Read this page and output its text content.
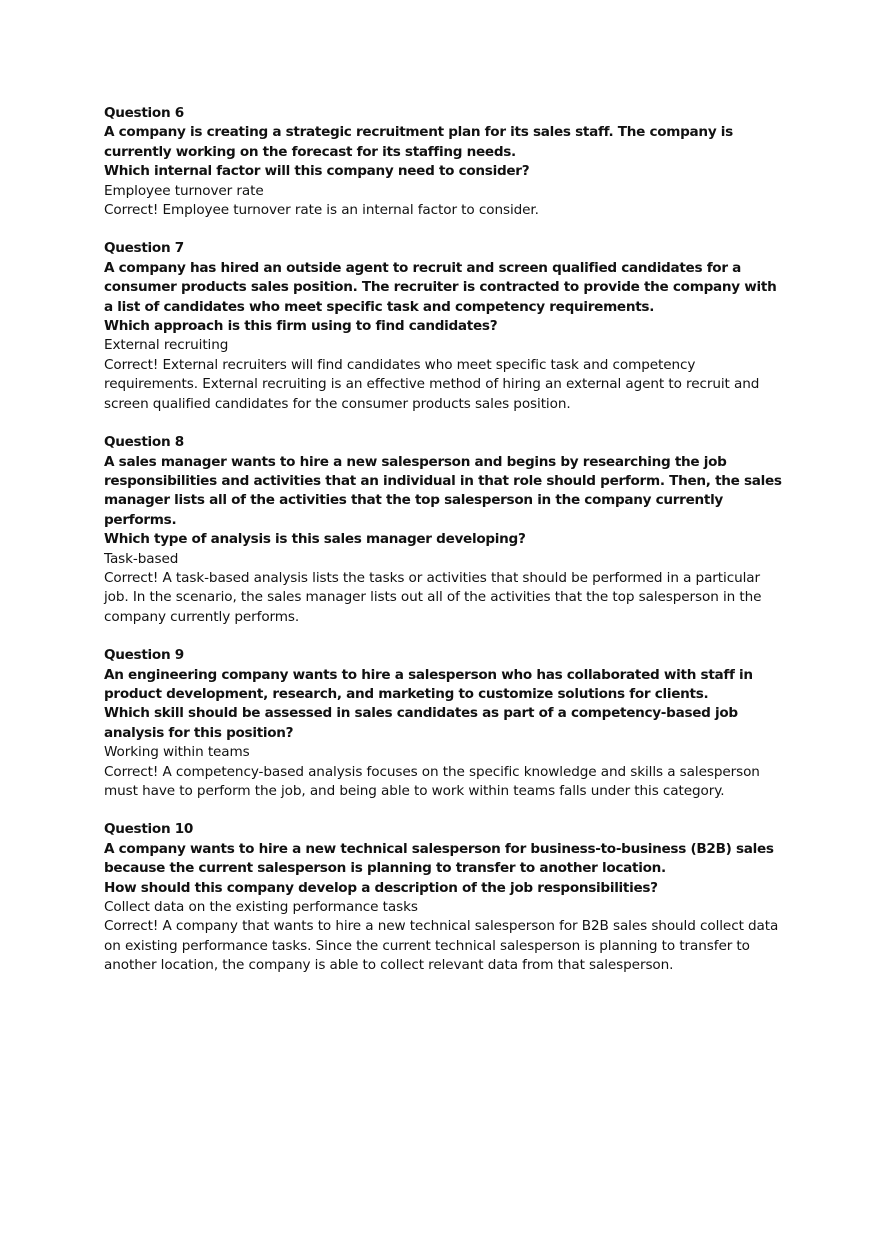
Question 6

A company is creating a strategic recruitment plan for its sales staff. The company is currently working on the forecast for its staffing needs.

Which internal factor will this company need to consider?

Employee turnover rate

Correct! Employee turnover rate is an internal factor to consider.

Question 7

A company has hired an outside agent to recruit and screen qualified candidates for a consumer products sales position. The recruiter is contracted to provide the company with a list of candidates who meet specific task and competency requirements.

Which approach is this firm using to find candidates?

External recruiting

Correct! External recruiters will find candidates who meet specific task and competency requirements. External recruiting is an effective method of hiring an external agent to recruit and screen qualified candidates for the consumer products sales position.

Question 8

A sales manager wants to hire a new salesperson and begins by researching the job responsibilities and activities that an individual in that role should perform. Then, the sales manager lists all of the activities that the top salesperson in the company currently performs.

Which type of analysis is this sales manager developing?

Task-based

Correct! A task-based analysis lists the tasks or activities that should be performed in a particular job. In the scenario, the sales manager lists out all of the activities that the top salesperson in the company currently performs.

Question 9

An engineering company wants to hire a salesperson who has collaborated with staff in product development, research, and marketing to customize solutions for clients.

Which skill should be assessed in sales candidates as part of a competency-based job analysis for this position?

Working within teams

Correct! A competency-based analysis focuses on the specific knowledge and skills a salesperson must have to perform the job, and being able to work within teams falls under this category.

Question 10

A company wants to hire a new technical salesperson for business-to-business (B2B) sales because the current salesperson is planning to transfer to another location.

How should this company develop a description of the job responsibilities?

Collect data on the existing performance tasks

Correct! A company that wants to hire a new technical salesperson for B2B sales should collect data on existing performance tasks. Since the current technical salesperson is planning to transfer to another location, the company is able to collect relevant data from that salesperson.
